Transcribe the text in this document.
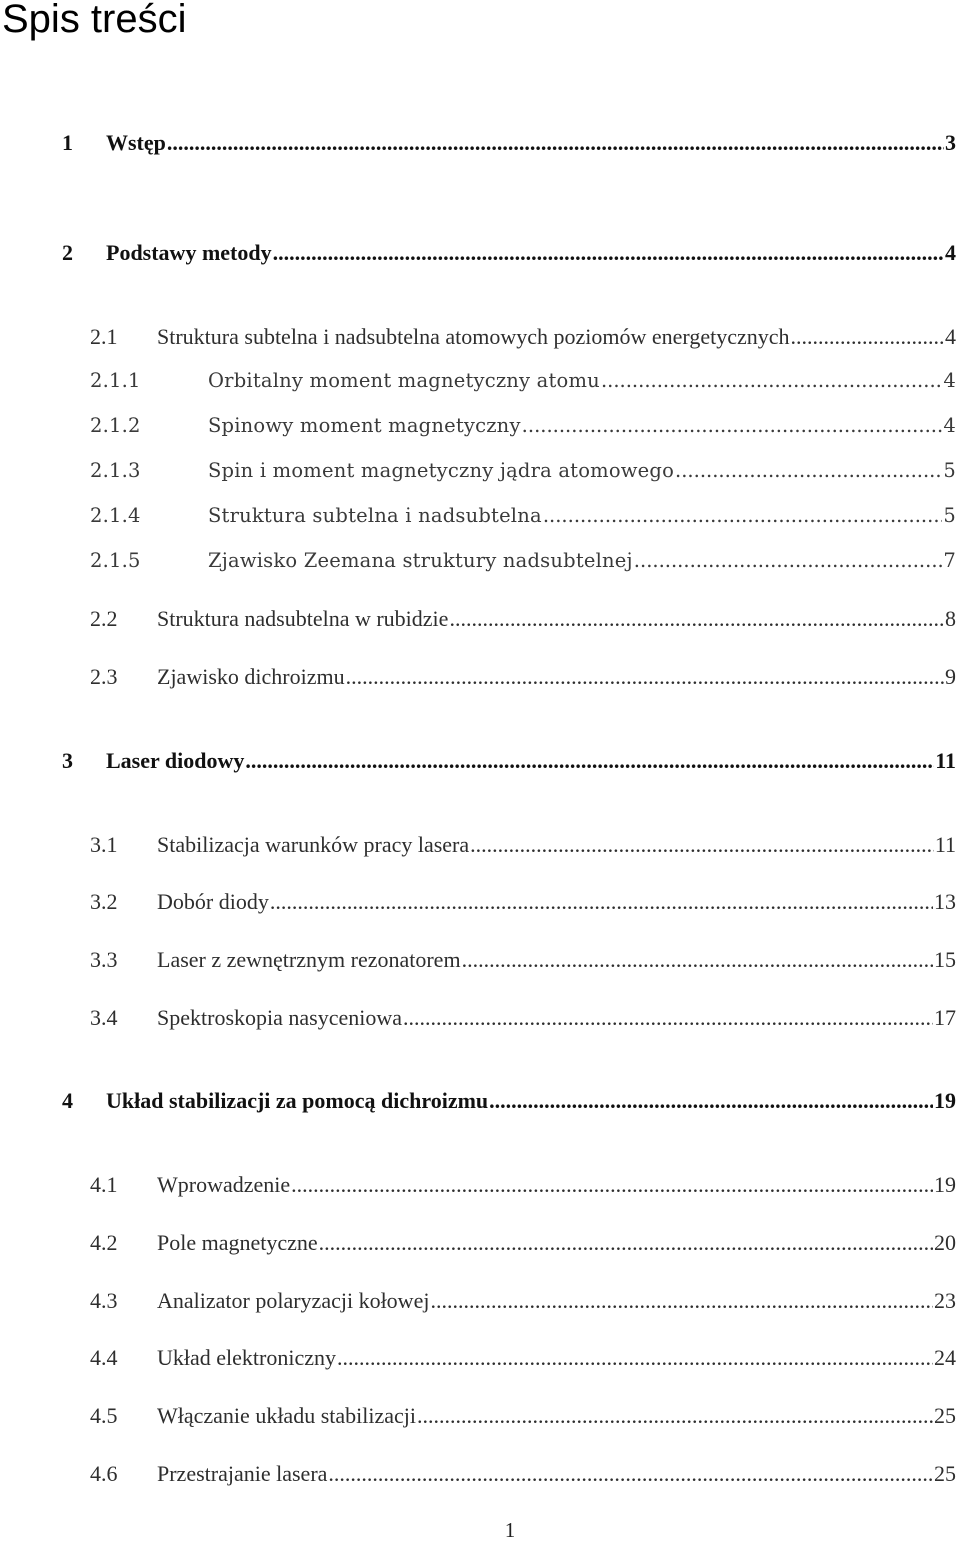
Spis treści
1	Wstęp .....	3
2	Podstawy metody .....	4
2.1	Struktura subtelna i nadsubtelna atomowych poziomów energetycznych .....	4
2.1.1	Orbitalny moment magnetyczny atomu .....	4
2.1.2	Spinowy moment magnetyczny .....	4
2.1.3	Spin i moment magnetyczny jądra atomowego .....	5
2.1.4	Struktura subtelna i nadsubtelna .....	5
2.1.5	Zjawisko Zeemana struktury nadsubtelnej .....	7
2.2	Struktura nadsubtelna w rubidzie .....	8
2.3	Zjawisko dichroizmu .....	9
3	Laser diodowy .....	11
3.1	Stabilizacja warunków pracy lasera .....	11
3.2	Dobór diody .....	13
3.3	Laser z zewnętrznym rezonatorem .....	15
3.4	Spektroskopia nasyceniowa .....	17
4	Układ stabilizacji za pomocą dichroizmu .....	19
4.1	Wprowadzenie .....	19
4.2	Pole magnetyczne .....	20
4.3	Analizator polaryzacji kołowej .....	23
4.4	Układ elektroniczny .....	24
4.5	Włączanie układu stabilizacji .....	25
4.6	Przestrajanie lasera .....	25
1
